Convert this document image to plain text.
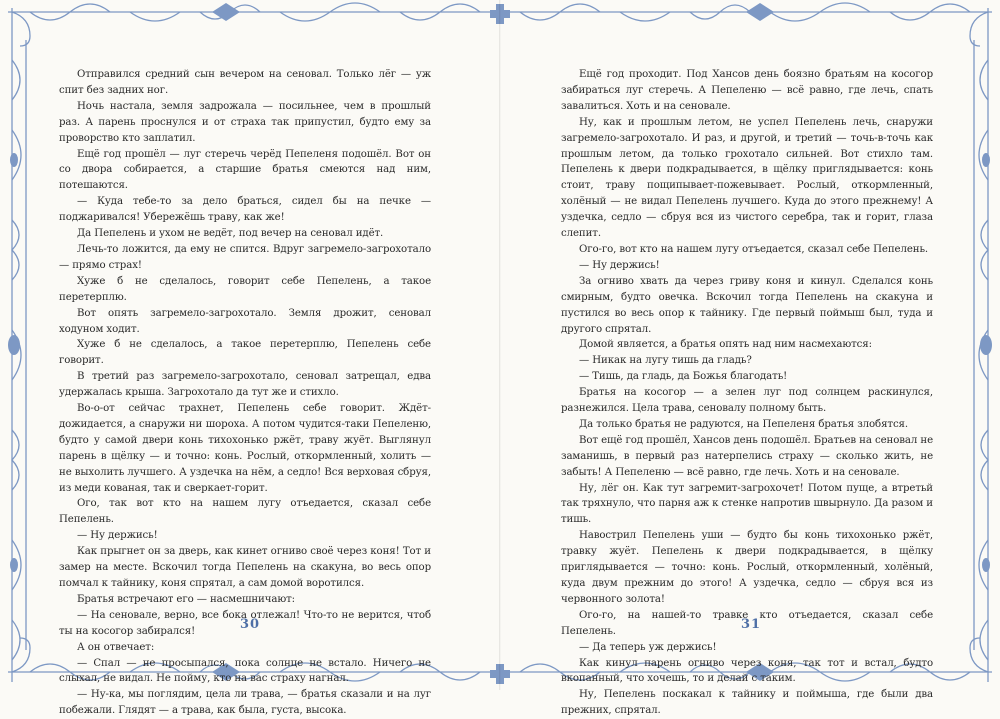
Отправился средний сын вечером на сеновал. Только лёг — уж спит без задних ног.

Ночь настала, земля задрожала — посильнее, чем в прошлый раз. А парень проснулся и от страха так припустил, будто ему за проворство кто заплатил.

Ещё год прошёл — луг стеречь черёд Пепеленя подошёл. Вот он со двора собирается, а старшие братья смеются над ним, потешаются.

— Куда тебе-то за дело браться, сидел бы на печке — поджаривался! Убережёшь траву, как же!

Да Пепелень и ухом не ведёт, под вечер на сеновал идёт.

Лечь-то ложится, да ему не спится. Вдруг загремело-загрохотало — прямо страх!

Хуже б не сделалось, говорит себе Пепелень, а такое перетерплю.

Вот опять загремело-загрохотало. Земля дрожит, сеновал ходуном ходит.

Хуже б не сделалось, а такое перетерплю, Пепелень себе говорит.

В третий раз загремело-загрохотало, сеновал затрещал, едва удержалась крыша. Загрохотало да тут же и стихло.

Во-о-от сейчас трахнет, Пепелень себе говорит. Ждёт-дожидается, а снаружи ни шороха. А потом чудится-таки Пепеленю, будто у самой двери конь тихохонько ржёт, траву жуёт. Выглянул парень в щёлку — и точно: конь. Рослый, откормленный, холить — не выхолить лучшего. А уздечка на нём, а седло! Вся верховая сбруя, из меди кованая, так и сверкает-горит.

Ого, так вот кто на нашем лугу отъедается, сказал себе Пепелень.

— Ну держись!

Как прыгнет он за дверь, как кинет огниво своё через коня! Тот и замер на месте. Вскочил тогда Пепелень на скакуна, во весь опор помчал к тайнику, коня спрятал, а сам домой воротился.

Братья встречают его — насмешничают:

— На сеновале, верно, все бока отлежал! Что-то не верится, чтоб ты на косогор забирался!

А он отвечает:

— Спал — не просыпался, пока солнце не встало. Ничего не слыхал, не видал. Не пойму, кто на вас страху нагнал.

— Ну-ка, мы поглядим, цела ли трава, — братья сказали и на луг побежали. Глядят — а трава, как была, густа, высока.

30

Ещё год проходит. Под Хансов день боязно братьям на косогор забираться луг стеречь. А Пепеленю — всё равно, где лечь, спать завалиться. Хоть и на сеновале.

Ну, как и прошлым летом, не успел Пепелень лечь, снаружи загремело-загрохотало. И раз, и другой, и третий — точь-в-точь как прошлым летом, да только грохотало сильней. Вот стихло там. Пепелень к двери подкрадывается, в щёлку приглядывается: конь стоит, траву пощипывает-пожевывает. Рослый, откормленный, холёный — не видал Пепелень лучшего. Куда до этого прежнему! А уздечка, седло — сбруя вся из чистого серебра, так и горит, глаза слепит.

Ого-го, вот кто на нашем лугу отъедается, сказал себе Пепелень.

— Ну держись!

За огниво хвать да через гриву коня и кинул. Сделался конь смирным, будто овечка. Вскочил тогда Пепелень на скакуна и пустился во весь опор к тайнику. Где первый поймыш был, туда и другого спрятал.

Домой является, а братья опять над ним насмехаются:

— Никак на лугу тишь да гладь?

— Тишь, да гладь, да Божья благодать!

Братья на косогор — а зелен луг под солнцем раскинулся, разнежился. Цела трава, сеновалу полному быть.

Да только братья не радуются, на Пепеленя братья злобятся.

Вот ещё год прошёл, Хансов день подошёл. Братьев на сеновал не заманишь, в первый раз натерпелись страху — сколько жить, не забыть! А Пепеленю — всё равно, где лечь. Хоть и на сеновале.

Ну, лёг он. Как тут загремит-загрохочет! Потом пуще, а втретьй так тряхнуло, что парня аж к стенке напротив швырнуло. Да разом и тишь.

Навострил Пепелень уши — будто бы конь тихохонько ржёт, травку жуёт. Пепелень к двери подкрадывается, в щёлку приглядывается — точно: конь. Рослый, откормленный, холёный, куда двум прежним до этого! А уздечка, седло — сбруя вся из червонного золота!

Ого-го, на нашей-то травке кто отъедается, сказал себе Пепелень.

— Да теперь уж держись!

Как кинул парень огниво через коня, так тот и встал, будто вкопанный, что хочешь, то и делай с таким.

Ну, Пепелень поскакал к тайнику и поймыша, где были два прежних, спрятал.

31
